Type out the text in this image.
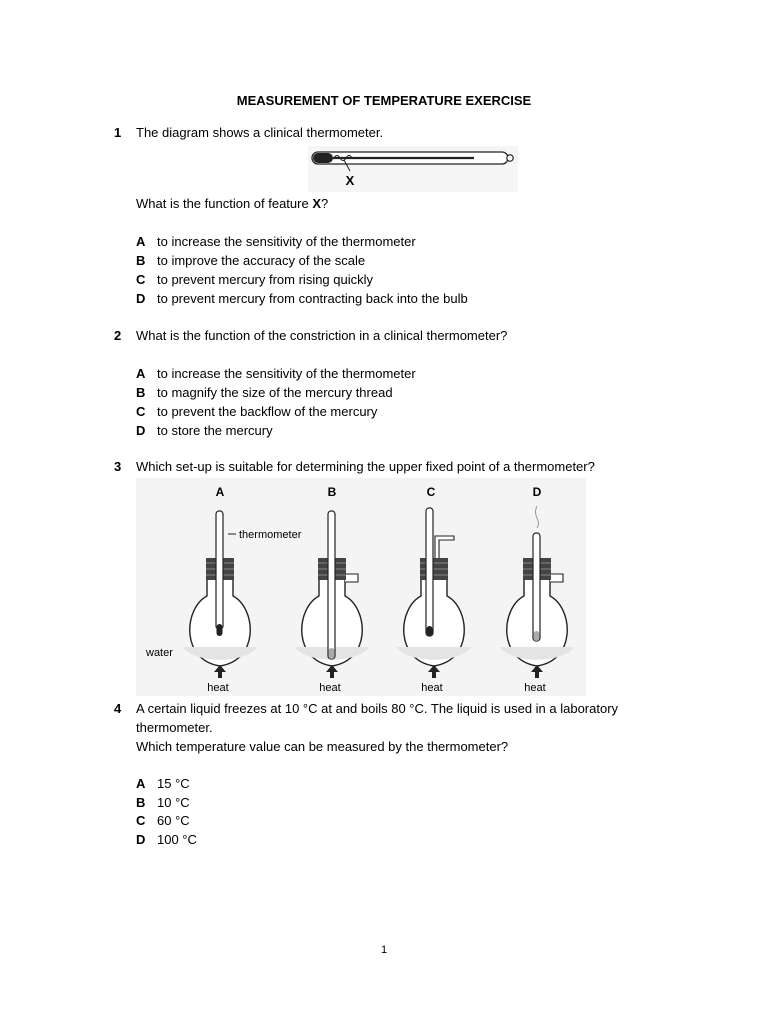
MEASUREMENT OF TEMPERATURE EXERCISE
1 The diagram shows a clinical thermometer.
X
What is the function of feature X?
A to increase the sensitivity of the thermometer
B to improve the accuracy of the scale
C to prevent mercury from rising quickly
D to prevent mercury from contracting back into the bulb
2 What is the function of the constriction in a clinical thermometer?
A to increase the sensitivity of the thermometer
B to magnify the size of the mercury thread
C to prevent the backflow of the mercury
D to store the mercury
3 Which set-up is suitable for determining the upper fixed point of a thermometer?
A	B	C	D
thermometer
water
heat	heat	heat	heat
4 A certain liquid freezes at 10 °C at and boils 80 °C. The liquid is used in a laboratory
thermometer.
Which temperature value can be measured by the thermometer?
A 15 °C
B 10 °C
C 60 °C
D 100 °C
1
